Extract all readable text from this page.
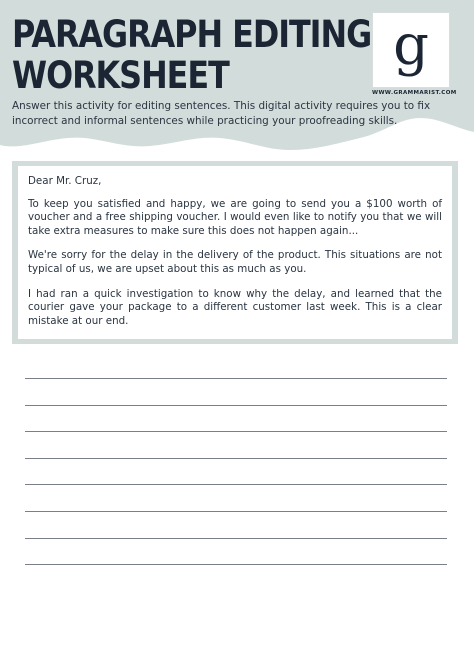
PARAGRAPH EDITING
WORKSHEET	g
WWW.GRAMMARIST.COM

Answer this activity for editing sentences. This digital activity requires you to fix incorrect and informal sentences while practicing your proofreading skills.

Dear Mr. Cruz,

To keep you satisfied and happy, we are going to send you a $100 worth of voucher and a free shipping voucher. I would even like to notify you that we will take extra measures to make sure this does not happen again...

We're sorry for the delay in the delivery of the product. This situations are not typical of us, we are upset about this as much as you.

I had ran a quick investigation to know why the delay, and learned that the courier gave your package to a different customer last week. This is a clear mistake at our end.
